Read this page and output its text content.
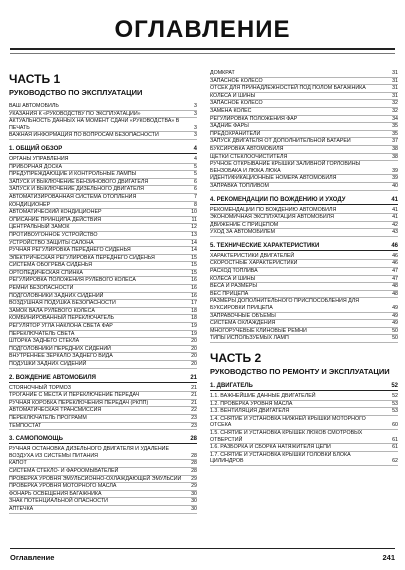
ОГЛАВЛЕНИЕ
ЧАСТЬ 1
РУКОВОДСТВО ПО ЭКСПЛУАТАЦИИ
ВАШ АВТОМОБИЛЬ	3
УКАЗАНИЯ К «РУКОВОДСТВУ ПО ЭКСПЛУАТАЦИИ»	3
АКТУАЛЬНОСТЬ ДАННЫХ НА МОМЕНТ СДАЧИ «РУКОВОДСТВА» В ПЕЧАТЬ	3
ВАЖНАЯ ИНФОРМАЦИЯ ПО ВОПРОСАМ БЕЗОПАСНОСТИ	3
1. ОБЩИЙ ОБЗОР	4
ОРГАНЫ УПРАВЛЕНИЯ	4
ПРИБОРНАЯ ДОСКА	5
ПРЕДУПРЕЖДАЮЩИЕ И КОНТРОЛЬНЫЕ ЛАМПЫ	5
ЗАПУСК И ВЫКЛЮЧЕНИЕ БЕНЗИНОВОГО ДВИГАТЕЛЯ	6
ЗАПУСК И ВЫКЛЮЧЕНИЕ ДИЗЕЛЬНОГО ДВИГАТЕЛЯ	6
АВТОМАТИЗИРОВАННАЯ СИСТЕМА ОТОПЛЕНИЯ	7
КОНДИЦИОНЕР	8
АВТОМАТИЧЕСКИЙ КОНДИЦИОНЕР	10
ОПИСАНИЕ ПРИНЦИПА ДЕЙСТВИЯ	11
ЦЕНТРАЛЬНЫЙ ЗАМОК	12
ПРОТИВОУГОННОЕ УСТРОЙСТВО	13
УСТРОЙСТВО ЗАЩИТЫ САЛОНА	14
РУЧНАЯ РЕГУЛИРОВКА ПЕРЕДНЕГО СИДЕНЬЯ	14
ЭЛЕКТРИЧЕСКАЯ РЕГУЛИРОВКА ПЕРЕДНЕГО СИДЕНЬЯ	15
СИСТЕМА ОБОГРЕВА СИДЕНЬЯ	15
ОРТОПЕДИЧЕСКАЯ СПИНКА	15
РЕГУЛИРОВКА ПОЛОЖЕНИЯ РУЛЕВОГО КОЛЕСА	16
РЕМНИ БЕЗОПАСНОСТИ	16
ПОДГОЛОВНИКИ ЗАДНИХ СИДЕНИЙ	16
ВОЗДУШНАЯ ПОДУШКА БЕЗОПАСНОСТИ	17
ЗАМОК ВАЛА РУЛЕВОГО КОЛЕСА	18
КОМБИНИРОВАННЫЙ ПЕРЕКЛЮЧАТЕЛЬ	18
РЕГУЛЯТОР УГЛА НАКЛОНА СВЕТА ФАР	19
ПЕРЕКЛЮЧАТЕЛЬ СВЕТА	19
ШТОРКА ЗАДНЕГО СТЕКЛА	20
ПОДГОЛОВНИКИ ПЕРЕДНИХ СИДЕНИЙ	20
ВНУТРЕННЕЕ ЗЕРКАЛО ЗАДНЕГО ВИДА	20
ПОДУШКИ ЗАДНИХ СИДЕНИЙ	20
2. ВОЖДЕНИЕ АВТОМОБИЛЯ	21
СТОЯНОЧНЫЙ ТОРМОЗ	21
ТРОГАНИЕ С МЕСТА И ПЕРЕКЛЮЧЕНИЕ ПЕРЕДАЧ	21
РУЧНАЯ КОРОБКА ПЕРЕКЛЮЧЕНИЯ ПЕРЕДАЧ (РКПП)	21
АВТОМАТИЧЕСКАЯ ТРАНСМИССИЯ	22
ПЕРЕКЛЮЧАТЕЛЬ ПРОГРАММ	23
ТЕМПОСТАТ	23
3. САМОПОМОЩЬ	28
РУЧНАЯ ОСТАНОВКА ДИЗЕЛЬНОГО ДВИГАТЕЛЯ И УДАЛЕНИЕ ВОЗДУХА ИЗ СИСТЕМЫ ПИТАНИЯ	28
КАПОТ	28
СИСТЕМА СТЕКЛО- И ФАРООМЫВАТЕЛЕЙ	28
ПРОВЕРКА УРОВНЯ ЭМУЛЬСИОННО-ОХЛАЖДАЮЩЕЙ ЭМУЛЬСИИ	29
ПРОВЕРКА УРОВНЯ МОТОРНОГО МАСЛА	29
ФОНАРЬ ОСВЕЩЕНИЯ БАГАЖНИКА	30
ЗНАК ПОТЕНЦИАЛЬНОЙ ОПАСНОСТИ	30
АПТЕЧКА	30
ДОМКРАТ	31
ЗАПАСНОЕ КОЛЕСО	31
ОТСЕК ДЛЯ ПРИНАДЛЕЖНОСТЕЙ ПОД ПОЛОМ БАГАЖНИКА	31
КОЛЕСА И ШИНЫ	31
ЗАПАСНОЕ КОЛЕСО	32
ЗАМЕНА КОЛЕС	32
РЕГУЛИРОВКА ПОЛОЖЕНИЯ ФАР	34
ЗАДНИЕ ФАРЫ	35
ПРЕДОХРАНИТЕЛИ	35
ЗАПУСК ДВИГАТЕЛЯ ОТ ДОПОЛНИТЕЛЬНОЙ БАТАРЕИ	37
БУКСИРОВКА АВТОМОБИЛЯ	38
ЩЕТКИ СТЕКЛООЧИСТИТЕЛЯ	38
РУЧНОЕ ОТКРЫВАНИЕ КРЫШКИ ЗАЛИВНОЙ ГОРЛОВИНЫ БЕНЗОБАКА И ЛЮКА ЛЮКА	39
ИДЕНТИФИКАЦИОННЫЕ НОМЕРА АВТОМОБИЛЯ	39
ЗАПРАВКА ТОПЛИВОМ	40
4. РЕКОМЕНДАЦИИ ПО ВОЖДЕНИЮ И УХОДУ	41
РЕКОМЕНДАЦИИ ПО ВОЖДЕНИЮ АВТОМОБИЛЯ	41
ЭКОНОМИЧНАЯ ЭКСПЛУАТАЦИЯ АВТОМОБИЛЯ	41
ДВИЖЕНИЕ С ПРИЦЕПОМ	42
УХОД ЗА АВТОМОБИЛЕМ	43
5. ТЕХНИЧЕСКИЕ ХАРАКТЕРИСТИКИ	46
ХАРАКТЕРИСТИКИ ДВИГАТЕЛЕЙ	46
СКОРОСТНЫЕ ХАРАКТЕРИСТИКИ	46
РАСХОД ТОПЛИВА	47
КОЛЕСА И ШИНЫ	47
ВЕСА И РАЗМЕРЫ	48
ВЕС ПРИЦЕПА	48
РАЗМЕРЫ ДОПОЛНИТЕЛЬНОГО ПРИСПОСОБЛЕНИЯ ДЛЯ БУКСИРОВКИ ПРИЦЕПА	49
ЗАПРАВОЧНЫЕ ОБЪЕМЫ	49
СИСТЕМА ОХЛАЖДЕНИЯ	49
МНОГОРУЧЕВЫЕ КЛИНОВЫЕ РЕМНИ	50
ТИПЫ ИСПОЛЬЗУЕМЫХ ЛАМП	50
ЧАСТЬ 2
РУКОВОДСТВО ПО РЕМОНТУ И ЭКСПЛУАТАЦИИ
1. ДВИГАТЕЛЬ	52
1.1. ВАЖНЕЙШИЕ ДАННЫЕ ДВИГАТЕЛЕЙ	52
1.2. ПРОВЕРКА УРОВНЯ МАСЛА	53
1.3. ВЕНТИЛЯЦИЯ ДВИГАТЕЛЯ	53
1.4. СНЯТИЕ И УСТАНОВКА НИЖНЕЙ КРЫШКИ МОТОРНОГО ОТСЕКА	60
1.5. СНЯТИЕ И УСТАНОВКА КРЫШЕК ЛЮКОВ СМОТРОВЫХ ОТВЕРСТИЙ	61
1.6. РАЗБОРКА И СБОРКА НАТЯЖИТЕЛЯ ЦЕПИ	61
1.7. СНЯТИЕ И УСТАНОВКА КРЫШКИ ГОЛОВКИ БЛОКА ЦИЛИНДРОВ	62
Оглавление	241
